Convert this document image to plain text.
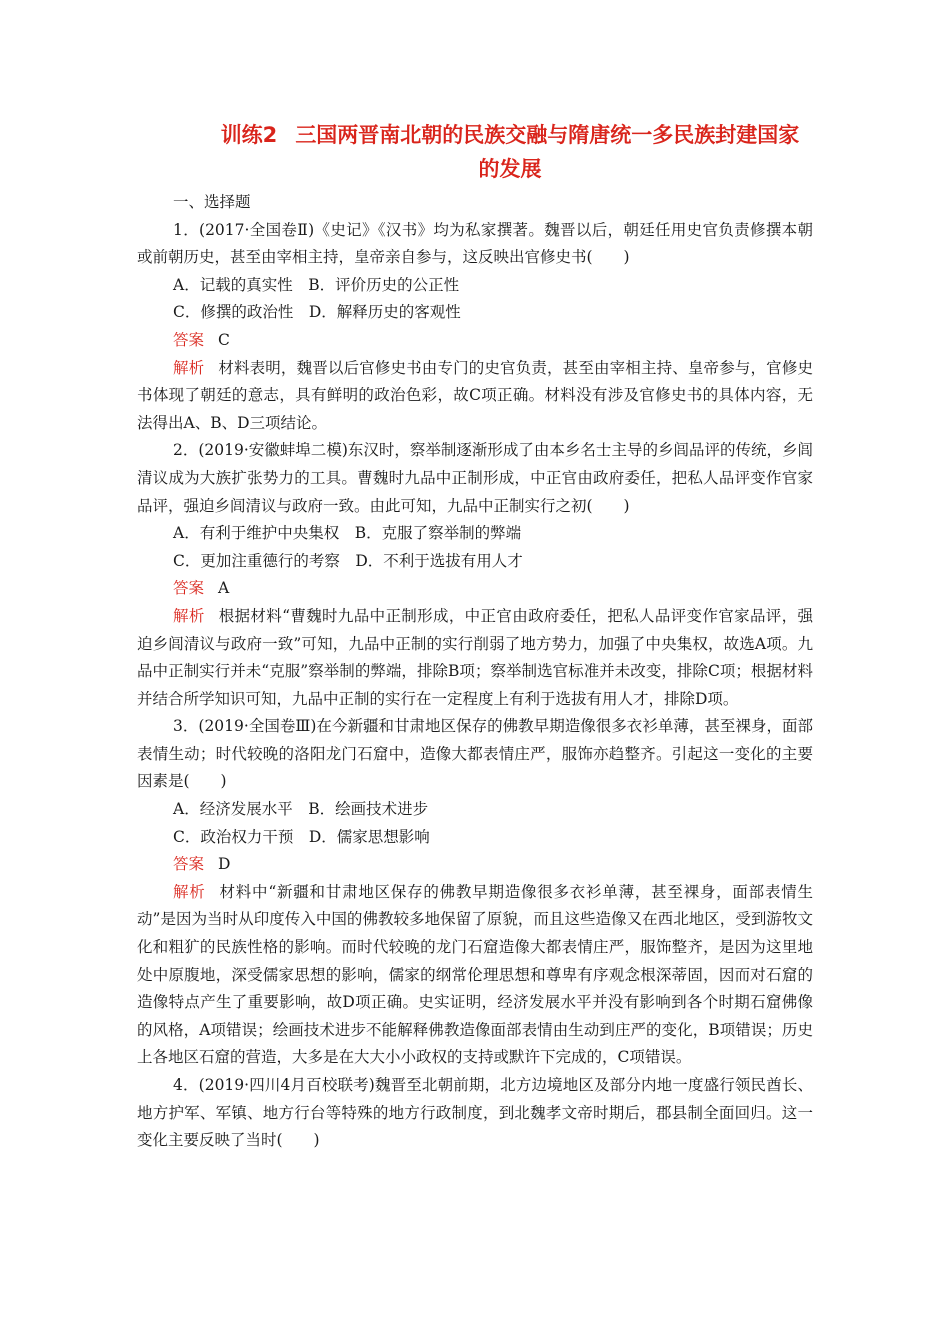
训练2 三国两晋南北朝的民族交融与隋唐统一多民族封建国家
的发展

一、选择题

1．(2017·全国卷Ⅱ)《史记》《汉书》均为私家撰著。魏晋以后，朝廷任用史官负责修撰本朝或前朝历史，甚至由宰相主持，皇帝亲自参与，这反映出官修史书(　　)

A．记载的真实性　B．评价历史的公正性

C．修撰的政治性　D．解释历史的客观性

答案 C

解析 材料表明，魏晋以后官修史书由专门的史官负责，甚至由宰相主持、皇帝参与，官修史书体现了朝廷的意志，具有鲜明的政治色彩，故C项正确。材料没有涉及官修史书的具体内容，无法得出A、B、D三项结论。

2．(2019·安徽蚌埠二模)东汉时，察举制逐渐形成了由本乡名士主导的乡闾品评的传统，乡闾清议成为大族扩张势力的工具。曹魏时九品中正制形成，中正官由政府委任，把私人品评变作官家品评，强迫乡闾清议与政府一致。由此可知，九品中正制实行之初(　　)

A．有利于维护中央集权　B．克服了察举制的弊端

C．更加注重德行的考察　D．不利于选拔有用人才

答案 A

解析 根据材料“曹魏时九品中正制形成，中正官由政府委任，把私人品评变作官家品评，强迫乡闾清议与政府一致”可知，九品中正制的实行削弱了地方势力，加强了中央集权，故选A项。九品中正制实行并未“克服”察举制的弊端，排除B项；察举制选官标准并未改变，排除C项；根据材料并结合所学知识可知，九品中正制的实行在一定程度上有利于选拔有用人才，排除D项。

3．(2019·全国卷Ⅲ)在今新疆和甘肃地区保存的佛教早期造像很多衣衫单薄，甚至裸身，面部表情生动；时代较晚的洛阳龙门石窟中，造像大都表情庄严，服饰亦趋整齐。引起这一变化的主要因素是(　　)

A．经济发展水平　B．绘画技术进步

C．政治权力干预　D．儒家思想影响

答案 D

解析 材料中“新疆和甘肃地区保存的佛教早期造像很多衣衫单薄，甚至裸身，面部表情生动”是因为当时从印度传入中国的佛教较多地保留了原貌，而且这些造像又在西北地区，受到游牧文化和粗犷的民族性格的影响。而时代较晚的龙门石窟造像大都表情庄严，服饰整齐，是因为这里地处中原腹地，深受儒家思想的影响，儒家的纲常伦理思想和尊卑有序观念根深蒂固，因而对石窟的造像特点产生了重要影响，故D项正确。史实证明，经济发展水平并没有影响到各个时期石窟佛像的风格，A项错误；绘画技术进步不能解释佛教造像面部表情由生动到庄严的变化，B项错误；历史上各地区石窟的营造，大多是在大大小小政权的支持或默许下完成的，C项错误。

4．(2019·四川4月百校联考)魏晋至北朝前期，北方边境地区及部分内地一度盛行领民酋长、地方护军、军镇、地方行台等特殊的地方行政制度，到北魏孝文帝时期后，郡县制全面回归。这一变化主要反映了当时(　　)
